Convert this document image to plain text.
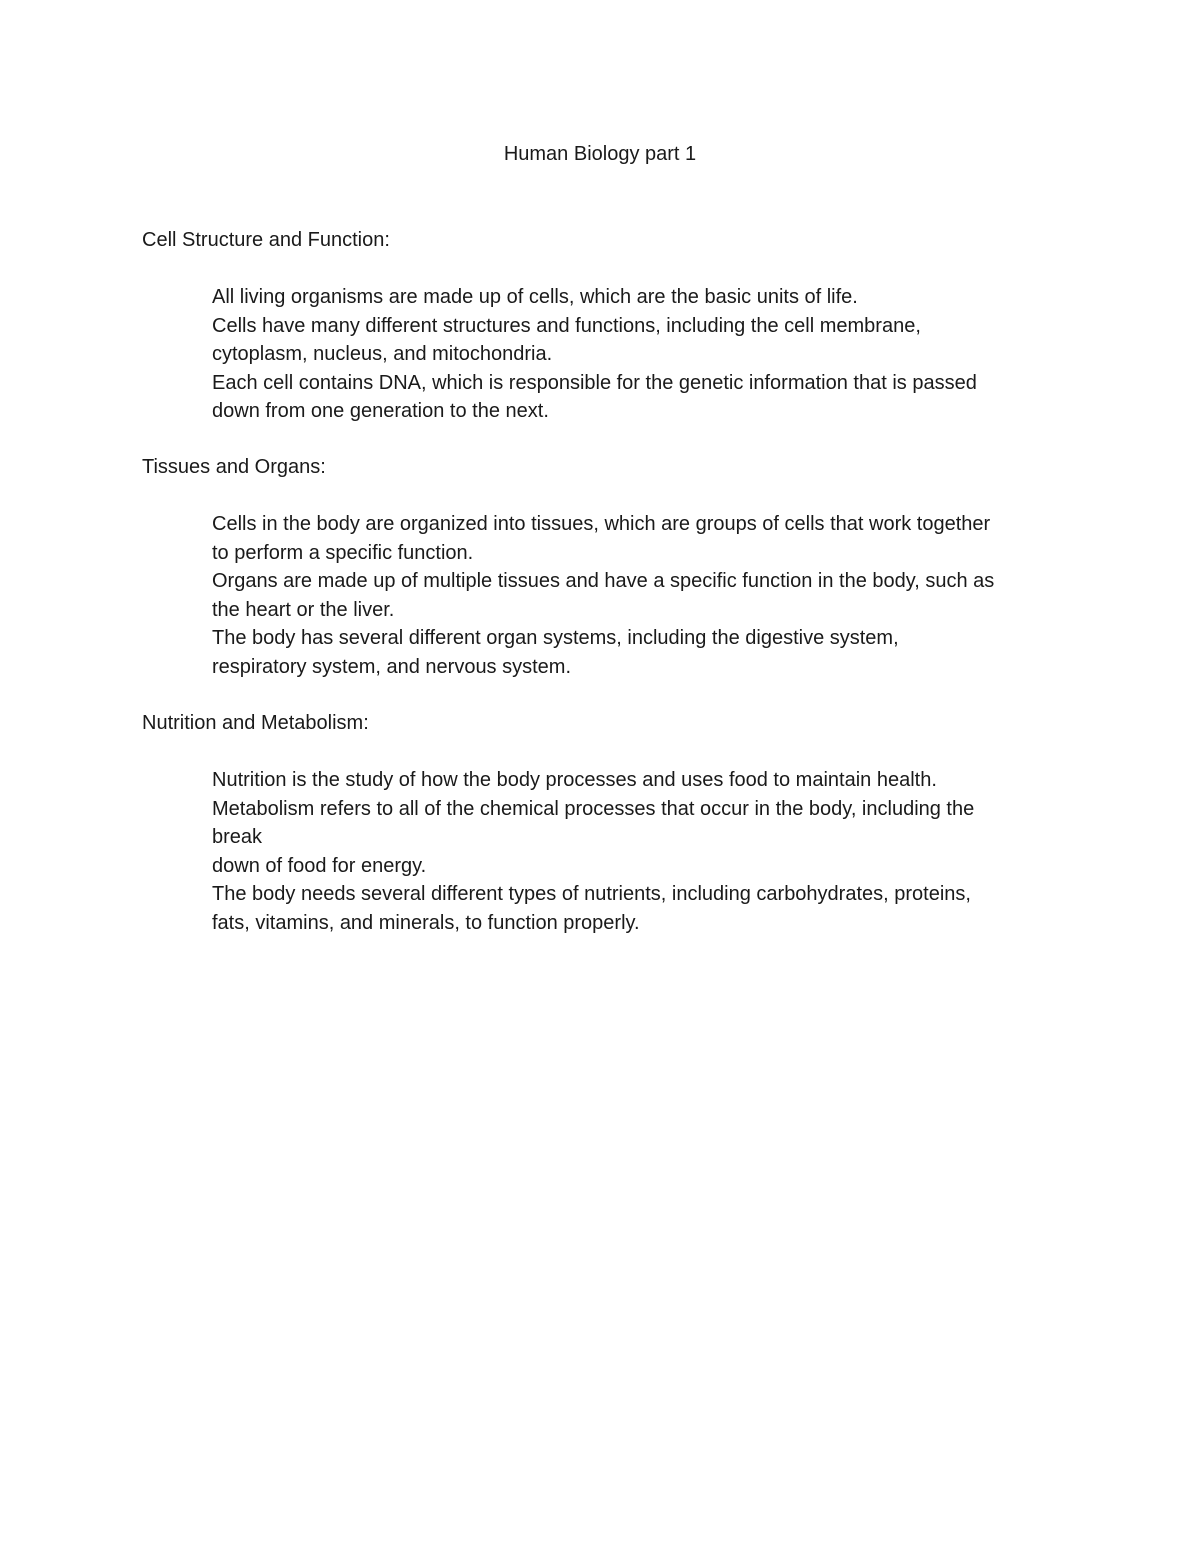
Human Biology part 1
Cell Structure and Function:
All living organisms are made up of cells, which are the basic units of life.
Cells have many different structures and functions, including the cell membrane,
cytoplasm, nucleus, and mitochondria.
Each cell contains DNA, which is responsible for the genetic information that is passed
down from one generation to the next.
Tissues and Organs:
Cells in the body are organized into tissues, which are groups of cells that work together
to perform a specific function.
Organs are made up of multiple tissues and have a specific function in the body, such as
the heart or the liver.
The body has several different organ systems, including the digestive system,
respiratory system, and nervous system.
Nutrition and Metabolism:
Nutrition is the study of how the body processes and uses food to maintain health.
Metabolism refers to all of the chemical processes that occur in the body, including the
break
down of food for energy.
The body needs several different types of nutrients, including carbohydrates, proteins,
fats, vitamins, and minerals, to function properly.
